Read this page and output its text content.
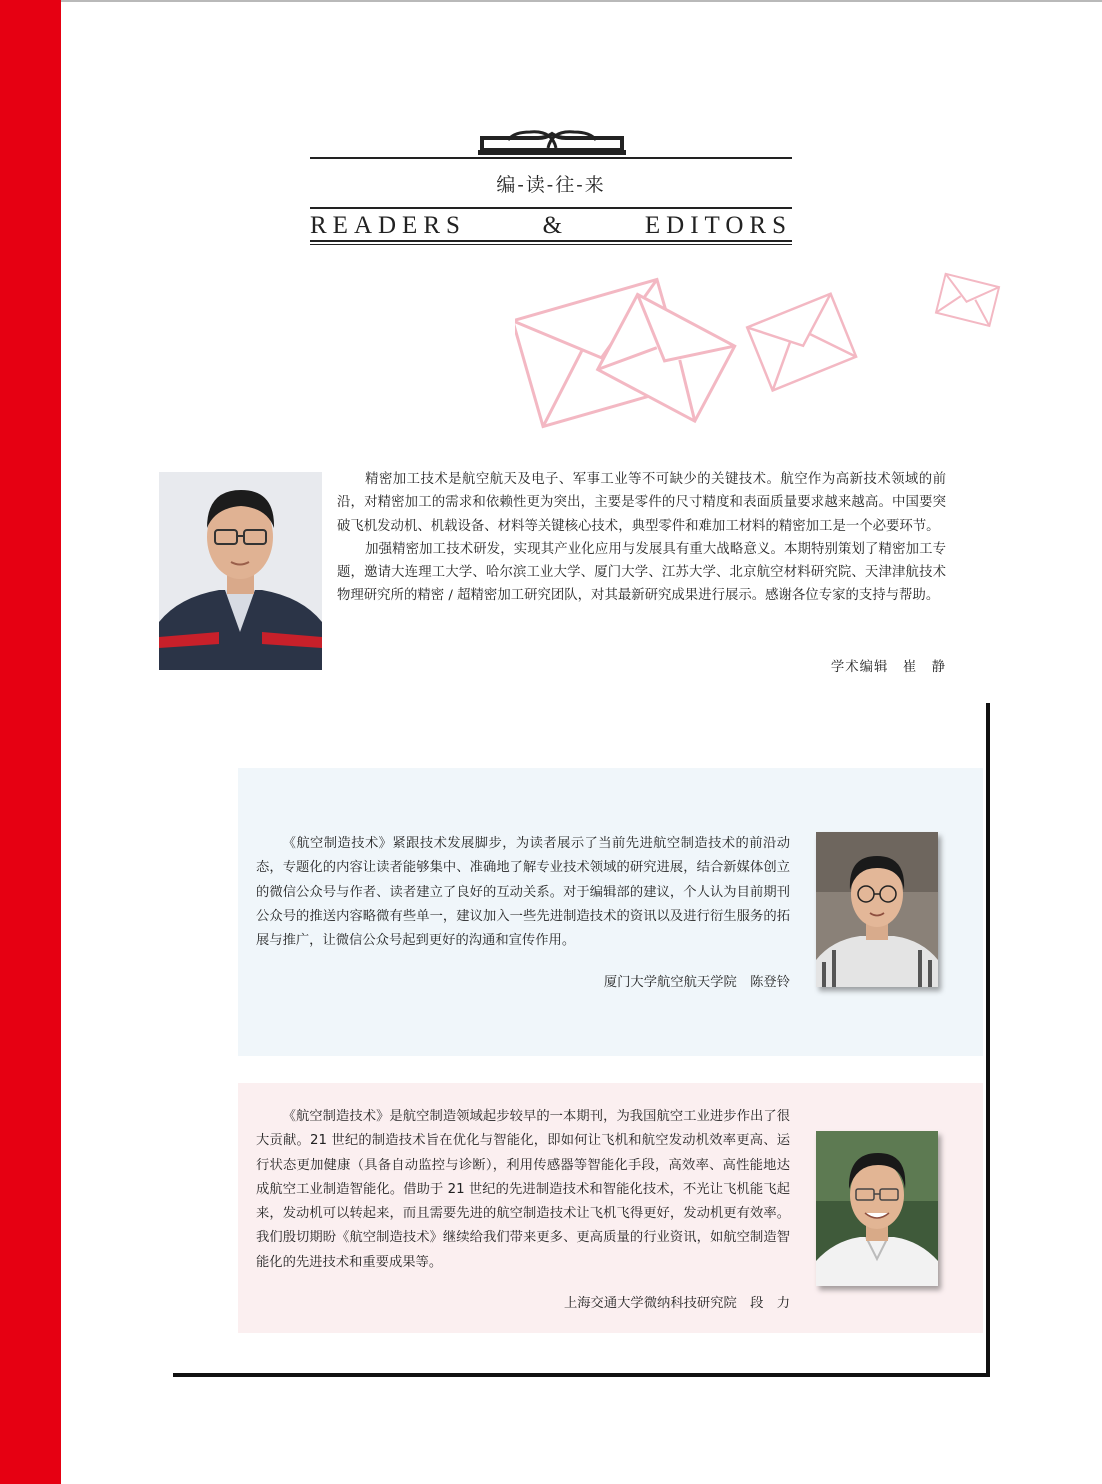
编-读-往-来
READERS	&	EDITORS

精密加工技术是航空航天及电子、军事工业等不可缺少的关键技术。航空作为高新技术领域的前沿，对精密加工的需求和依赖性更为突出，主要是零件的尺寸精度和表面质量要求越来越高。中国要突破飞机发动机、机载设备、材料等关键核心技术，典型零件和难加工材料的精密加工是一个必要环节。

加强精密加工技术研发，实现其产业化应用与发展具有重大战略意义。本期特别策划了精密加工专题，邀请大连理工大学、哈尔滨工业大学、厦门大学、江苏大学、北京航空材料研究院、天津津航技术物理研究所的精密 / 超精密加工研究团队，对其最新研究成果进行展示。感谢各位专家的支持与帮助。

学术编辑　崔　静

《航空制造技术》紧跟技术发展脚步，为读者展示了当前先进航空制造技术的前沿动态，专题化的内容让读者能够集中、准确地了解专业技术领域的研究进展，结合新媒体创立的微信公众号与作者、读者建立了良好的互动关系。对于编辑部的建议，个人认为目前期刊公众号的推送内容略微有些单一，建议加入一些先进制造技术的资讯以及进行衍生服务的拓展与推广，让微信公众号起到更好的沟通和宣传作用。

厦门大学航空航天学院　陈登铃

《航空制造技术》是航空制造领域起步较早的一本期刊，为我国航空工业进步作出了很大贡献。21 世纪的制造技术旨在优化与智能化，即如何让飞机和航空发动机效率更高、运行状态更加健康（具备自动监控与诊断），利用传感器等智能化手段，高效率、高性能地达成航空工业制造智能化。借助于 21 世纪的先进制造技术和智能化技术，不光让飞机能飞起来，发动机可以转起来，而且需要先进的航空制造技术让飞机飞得更好，发动机更有效率。我们殷切期盼《航空制造技术》继续给我们带来更多、更高质量的行业资讯，如航空制造智能化的先进技术和重要成果等。

上海交通大学微纳科技研究院　段　力
